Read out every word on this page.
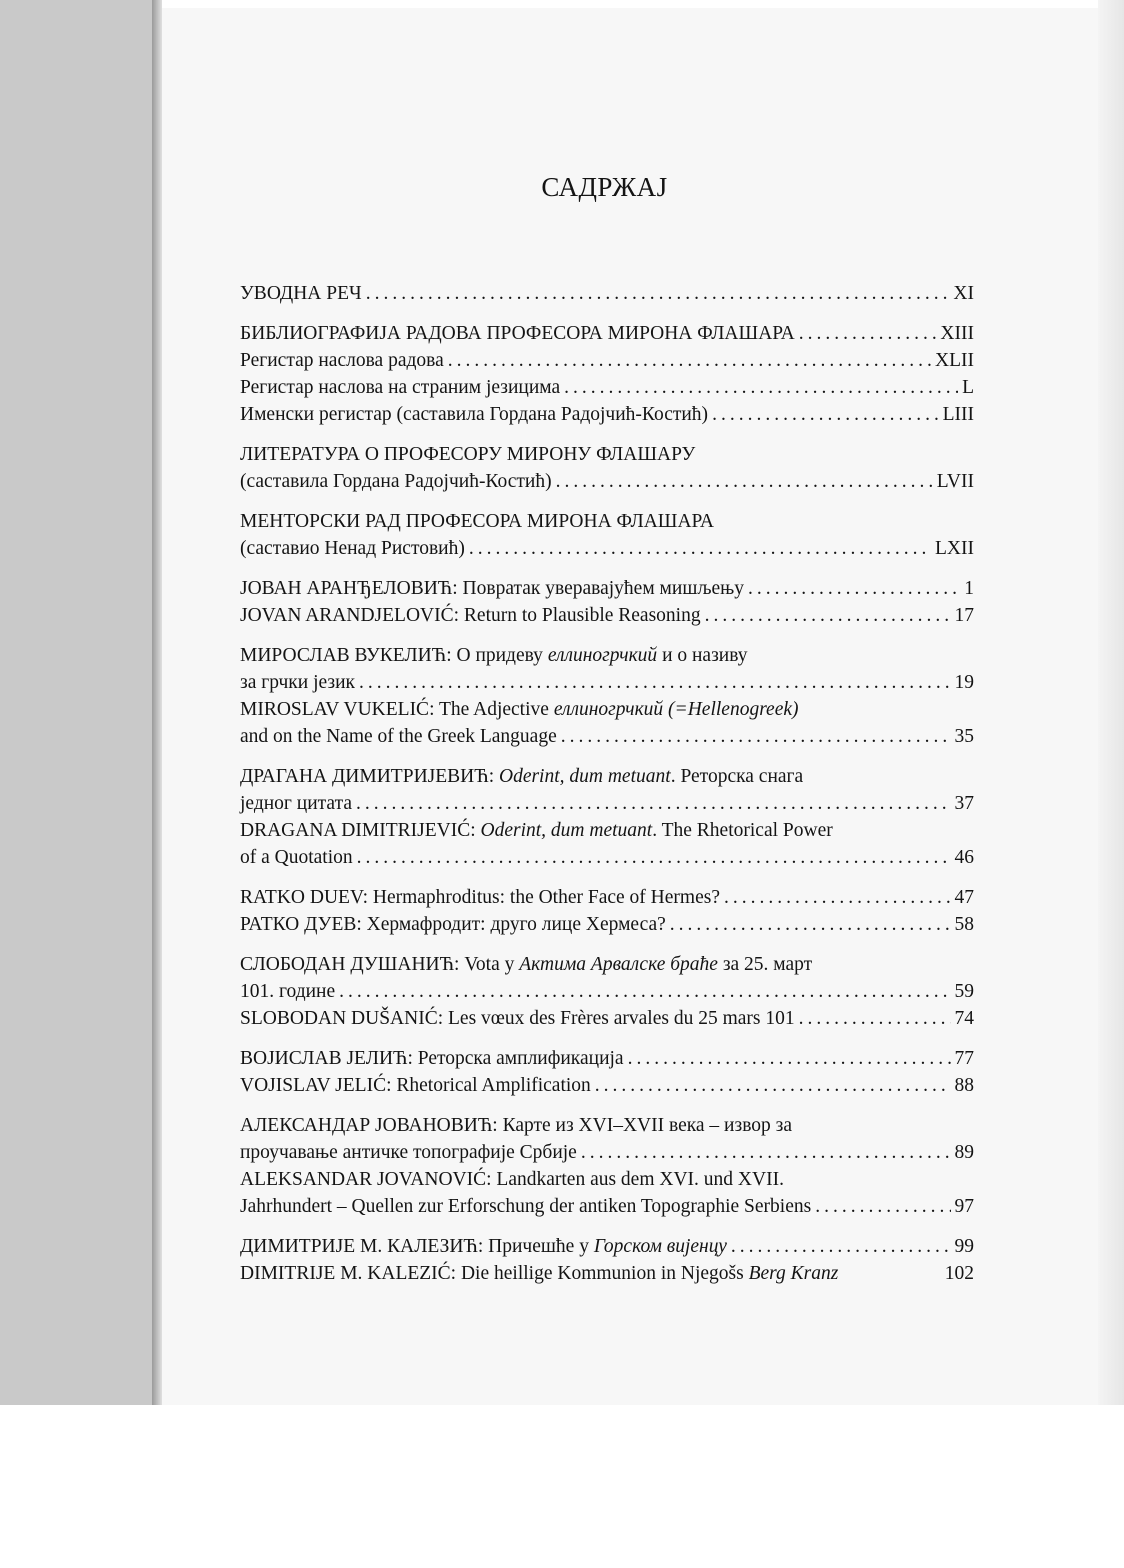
САДРЖАЈ
УВОДНА РЕЧ .....	XI
БИБЛИОГРАФИЈА РАДОВА ПРОФЕСОРА МИРОНА ФЛАШАРА .....	XIII
Регистар наслова радова .....	XLII
Регистар наслова на страним језицима .....	L
Именски регистар (саставила Гордана Радојчић-Костић) .....	LIII
ЛИТЕРАТУРА О ПРОФЕСОРУ МИРОНУ ФЛАШАРУ
(саставила Гордана Радојчић-Костић) .....	LVII
МЕНТОРСКИ РАД ПРОФЕСОРА МИРОНА ФЛАШАРА
(саставио Ненад Ристовић) .....	LXII
ЈОВАН АРАНЂЕЛОВИЋ: Повратак уверавајућем мишљењу .....	1
JOVAN ARANDJELOVIĆ: Return to Plausible Reasoning .....	17
МИРОСЛАВ ВУКЕЛИЋ: О придеву еллиногрчкий и о називу
за грчки језик .....	19
MIROSLAV VUKELIĆ: The Adjective еллиногрчкий (=Hellenogreek)
and on the Name of the Greek Language .....	35
ДРАГАНА ДИМИТРИЈЕВИЋ: Oderint, dum metuant. Реторска снага
једног цитата .....	37
DRAGANA DIMITRIJEVIĆ: Oderint, dum metuant. The Rhetorical Power
of a Quotation .....	46
RATKO DUEV: Hermaphroditus: the Other Face of Hermes? .....	47
РАТКО ДУЕВ: Хермафродит: друго лице Хермеса? .....	58
СЛОБОДАН ДУШАНИЋ: Vota у Актима Арвалске браће за 25. март
101. године .....	59
SLOBODAN DUŠANIĆ: Les vœux des Frères arvales du 25 mars 101 .....	74
ВОЈИСЛАВ ЈЕЛИЋ: Реторска амплификација .....	77
VOJISLAV JELIĆ: Rhetorical Amplification .....	88
АЛЕКСАНДАР ЈОВАНОВИЋ: Карте из XVI–XVII века – извор за
проучавање античке топографије Србије .....	89
ALEKSANDAR JOVANOVIĆ: Landkarten aus dem XVI. und XVII.
Jahrhundert – Quellen zur Erforschung der antiken Topographie Serbiens .....	97
ДИМИТРИЈЕ М. КАЛЕЗИЋ: Причешће у Горском вијенцу .....	99
DIMITRIJE M. KALEZIĆ: Die heillige Kommunion in Njegošs Berg Kranz	102
